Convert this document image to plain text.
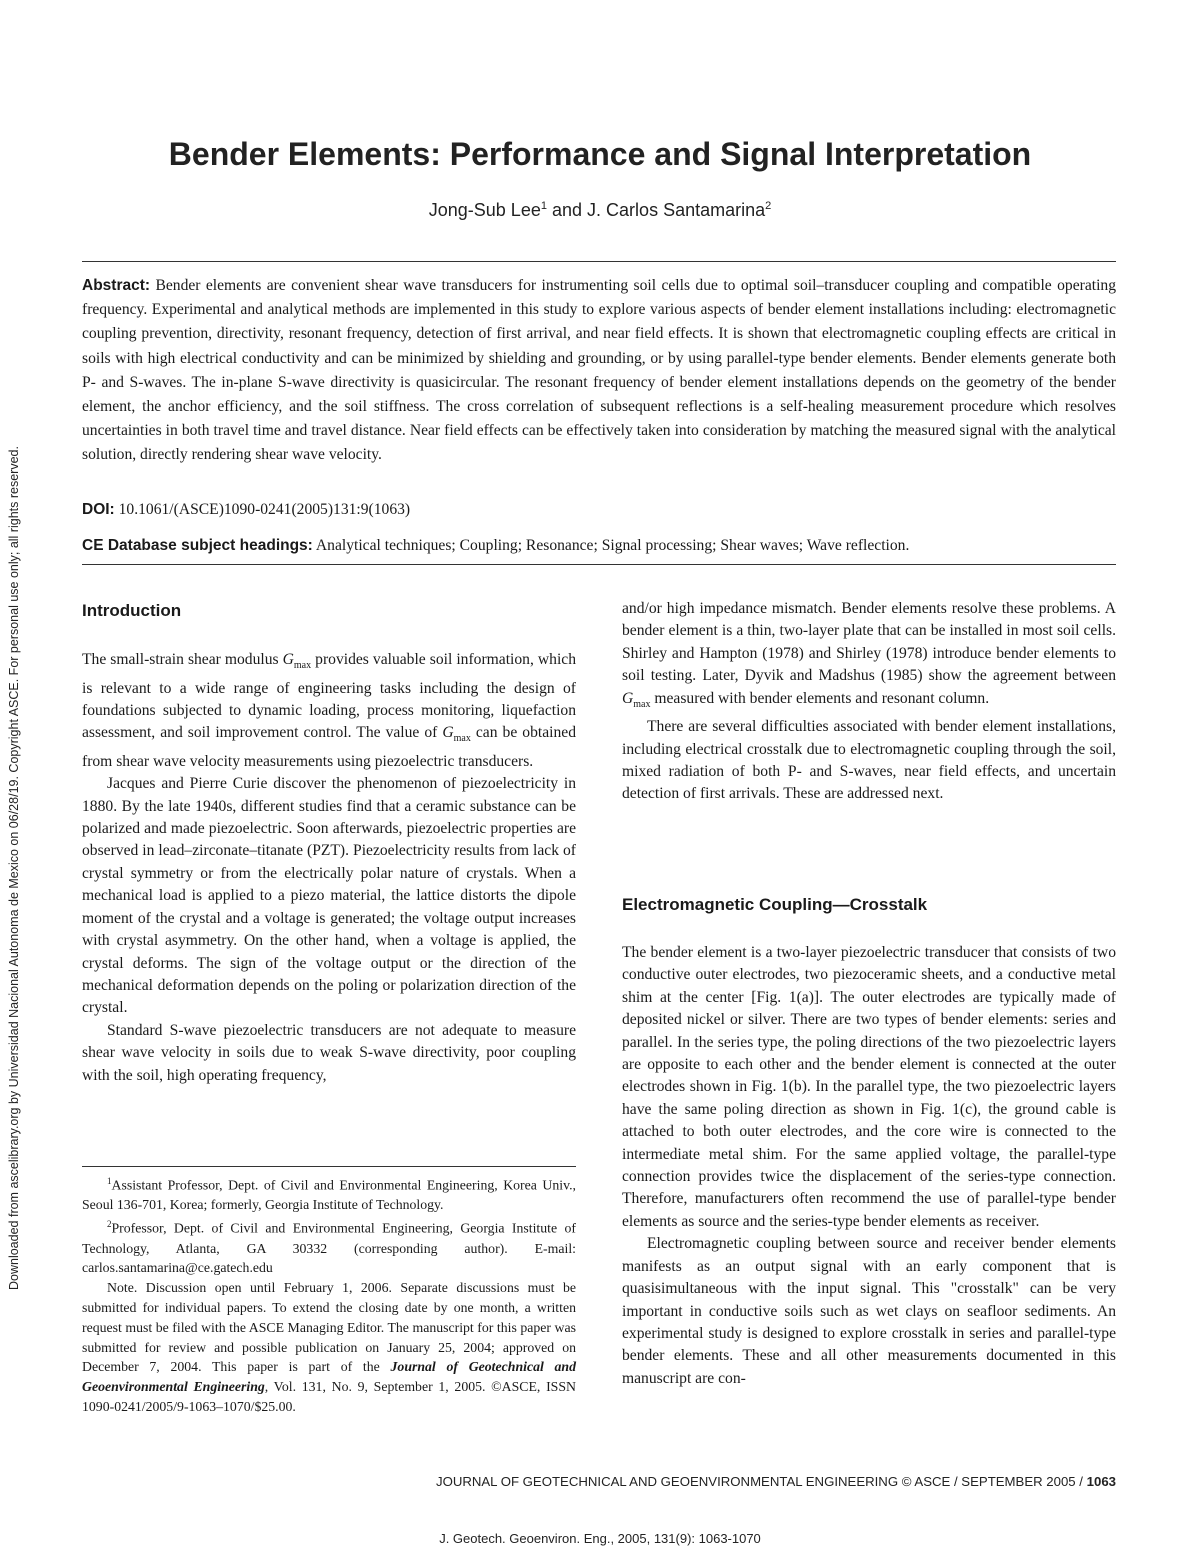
Downloaded from ascelibrary.org by Universidad Nacional Autonoma de Mexico on 06/28/19. Copyright ASCE. For personal use only; all rights reserved.
Bender Elements: Performance and Signal Interpretation
Jong-Sub Lee$^1$ and J. Carlos Santamarina$^2$
Abstract: Bender elements are convenient shear wave transducers for instrumenting soil cells due to optimal soil–transducer coupling and compatible operating frequency. Experimental and analytical methods are implemented in this study to explore various aspects of bender element installations including: electromagnetic coupling prevention, directivity, resonant frequency, detection of first arrival, and near field effects. It is shown that electromagnetic coupling effects are critical in soils with high electrical conductivity and can be minimized by shielding and grounding, or by using parallel-type bender elements. Bender elements generate both P- and S-waves. The in-plane S-wave directivity is quasicircular. The resonant frequency of bender element installations depends on the geometry of the bender element, the anchor efficiency, and the soil stiffness. The cross correlation of subsequent reflections is a self-healing measurement procedure which resolves uncertainties in both travel time and travel distance. Near field effects can be effectively taken into consideration by matching the measured signal with the analytical solution, directly rendering shear wave velocity.
DOI: 10.1061/(ASCE)1090-0241(2005)131:9(1063)
CE Database subject headings: Analytical techniques; Coupling; Resonance; Signal processing; Shear waves; Wave reflection.
Introduction

The small-strain shear modulus $G_{max}$ provides valuable soil information, which is relevant to a wide range of engineering tasks including the design of foundations subjected to dynamic loading, process monitoring, liquefaction assessment, and soil improvement control. The value of $G_{max}$ can be obtained from shear wave velocity measurements using piezoelectric transducers.

Jacques and Pierre Curie discover the phenomenon of piezoelectricity in 1880. By the late 1940s, different studies find that a ceramic substance can be polarized and made piezoelectric. Soon afterwards, piezoelectric properties are observed in lead–zirconate–titanate (PZT). Piezoelectricity results from lack of crystal symmetry or from the electrically polar nature of crystals. When a mechanical load is applied to a piezo material, the lattice distorts the dipole moment of the crystal and a voltage is generated; the voltage output increases with crystal asymmetry. On the other hand, when a voltage is applied, the crystal deforms. The sign of the voltage output or the direction of the mechanical deformation depends on the poling or polarization direction of the crystal.

Standard S-wave piezoelectric transducers are not adequate to measure shear wave velocity in soils due to weak S-wave directivity, poor coupling with the soil, high operating frequency,

$^1$Assistant Professor, Dept. of Civil and Environmental Engineering, Korea Univ., Seoul 136-701, Korea; formerly, Georgia Institute of Technology.

$^2$Professor, Dept. of Civil and Environmental Engineering, Georgia Institute of Technology, Atlanta, GA 30332 (corresponding author). E-mail: carlos.santamarina@ce.gatech.edu

Note. Discussion open until February 1, 2006. Separate discussions must be submitted for individual papers. To extend the closing date by one month, a written request must be filed with the ASCE Managing Editor. The manuscript for this paper was submitted for review and possible publication on January 25, 2004; approved on December 7, 2004. This paper is part of the Journal of Geotechnical and Geoenvironmental Engineering, Vol. 131, No. 9, September 1, 2005. ©ASCE, ISSN 1090-0241/2005/9-1063–1070/$25.00.

and/or high impedance mismatch. Bender elements resolve these problems. A bender element is a thin, two-layer plate that can be installed in most soil cells. Shirley and Hampton (1978) and Shirley (1978) introduce bender elements to soil testing. Later, Dyvik and Madshus (1985) show the agreement between $G_{max}$ measured with bender elements and resonant column.

There are several difficulties associated with bender element installations, including electrical crosstalk due to electromagnetic coupling through the soil, mixed radiation of both P- and S-waves, near field effects, and uncertain detection of first arrivals. These are addressed next.

Electromagnetic Coupling—Crosstalk

The bender element is a two-layer piezoelectric transducer that consists of two conductive outer electrodes, two piezoceramic sheets, and a conductive metal shim at the center [Fig. 1(a)]. The outer electrodes are typically made of deposited nickel or silver. There are two types of bender elements: series and parallel. In the series type, the poling directions of the two piezoelectric layers are opposite to each other and the bender element is connected at the outer electrodes shown in Fig. 1(b). In the parallel type, the two piezoelectric layers have the same poling direction as shown in Fig. 1(c), the ground cable is attached to both outer electrodes, and the core wire is connected to the intermediate metal shim. For the same applied voltage, the parallel-type connection provides twice the displacement of the series-type connection. Therefore, manufacturers often recommend the use of parallel-type bender elements as source and the series-type bender elements as receiver.

Electromagnetic coupling between source and receiver bender elements manifests as an output signal with an early component that is quasisimultaneous with the input signal. This "crosstalk" can be very important in conductive soils such as wet clays on seafloor sediments. An experimental study is designed to explore crosstalk in series and parallel-type bender elements. These and all other measurements documented in this manuscript are con-

JOURNAL OF GEOTECHNICAL AND GEOENVIRONMENTAL ENGINEERING © ASCE / SEPTEMBER 2005 / 1063
J. Geotech. Geoenviron. Eng., 2005, 131(9): 1063-1070
